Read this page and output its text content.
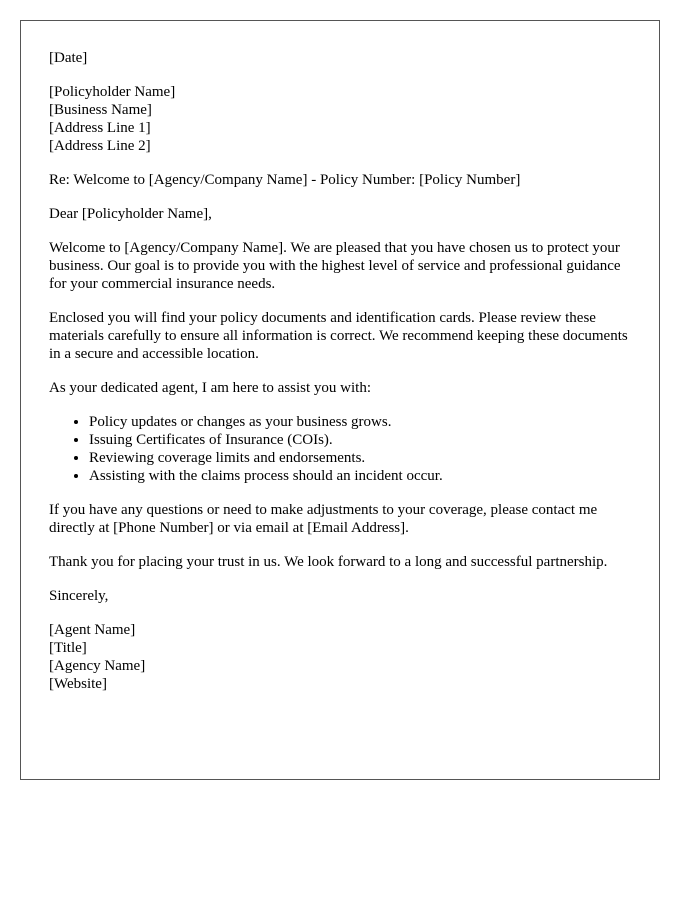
[Date]

[Policyholder Name]
[Business Name]
[Address Line 1]
[Address Line 2]

Re: Welcome to [Agency/Company Name] - Policy Number: [Policy Number]

Dear [Policyholder Name],

Welcome to [Agency/Company Name]. We are pleased that you have chosen us to protect your business. Our goal is to provide you with the highest level of service and professional guidance for your commercial insurance needs.

Enclosed you will find your policy documents and identification cards. Please review these materials carefully to ensure all information is correct. We recommend keeping these documents in a secure and accessible location.

As your dedicated agent, I am here to assist you with:

• Policy updates or changes as your business grows.
• Issuing Certificates of Insurance (COIs).
• Reviewing coverage limits and endorsements.
• Assisting with the claims process should an incident occur.

If you have any questions or need to make adjustments to your coverage, please contact me directly at [Phone Number] or via email at [Email Address].

Thank you for placing your trust in us. We look forward to a long and successful partnership.

Sincerely,

[Agent Name]
[Title]
[Agency Name]
[Website]
